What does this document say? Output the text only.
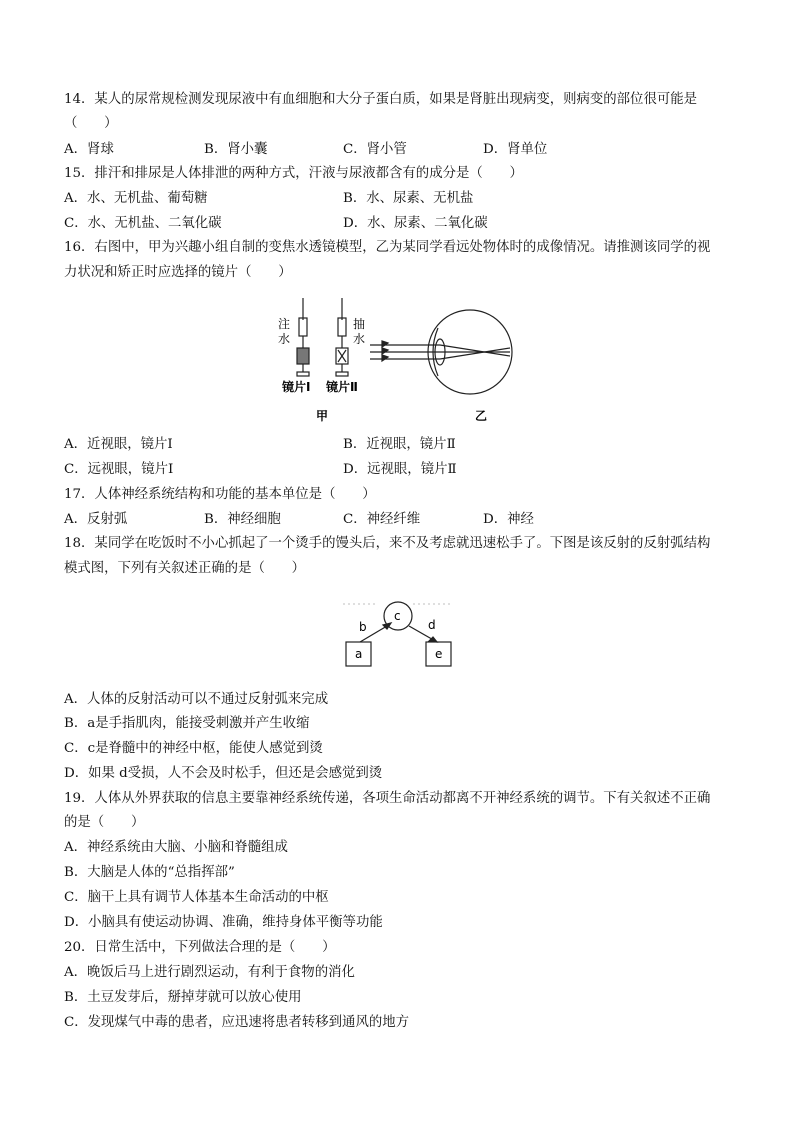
14．某人的尿常规检测发现尿液中有血细胞和大分子蛋白质，如果是肾脏出现病变，则病变的部位很可能是
（　　）
A．肾球	B．肾小囊	C．肾小管	D．肾单位
15．排汗和排尿是人体排泄的两种方式，汗液与尿液都含有的成分是（　　）
A．水、无机盐、葡萄糖	B．水、尿素、无机盐
C．水、无机盐、二氧化碳	D．水、尿素、二氧化碳
16．右图中，甲为兴趣小组自制的变焦水透镜模型，乙为某同学看远处物体时的成像情况。请推测该同学的视
力状况和矫正时应选择的镜片（　　）
注
水
镜片Ⅰ
抽
水
镜片Ⅱ
甲	乙
A．近视眼，镜片Ⅰ	B．近视眼，镜片Ⅱ
C．远视眼，镜片Ⅰ	D．远视眼，镜片Ⅱ
17．人体神经系统结构和功能的基本单位是（　　）
A．反射弧	B．神经细胞	C．神经纤维	D．神经
18．某同学在吃饭时不小心抓起了一个烫手的馒头后，来不及考虑就迅速松手了。下图是该反射的反射弧结构
模式图，下列有关叙述正确的是（　　）
c
b	d
a	e
A．人体的反射活动可以不通过反射弧来完成
B．a是手指肌肉，能接受刺激并产生收缩
C．c是脊髓中的神经中枢，能使人感觉到烫
D．如果 d受损，人不会及时松手，但还是会感觉到烫
19．人体从外界获取的信息主要靠神经系统传递，各项生命活动都离不开神经系统的调节。下有关叙述不正确
的是（　　）
A．神经系统由大脑、小脑和脊髓组成
B．大脑是人体的“总指挥部”
C．脑干上具有调节人体基本生命活动的中枢
D．小脑具有使运动协调、准确，维持身体平衡等功能
20．日常生活中，下列做法合理的是（　　）
A．晚饭后马上进行剧烈运动，有利于食物的消化
B．土豆发芽后，掰掉芽就可以放心使用
C．发现煤气中毒的患者，应迅速将患者转移到通风的地方
